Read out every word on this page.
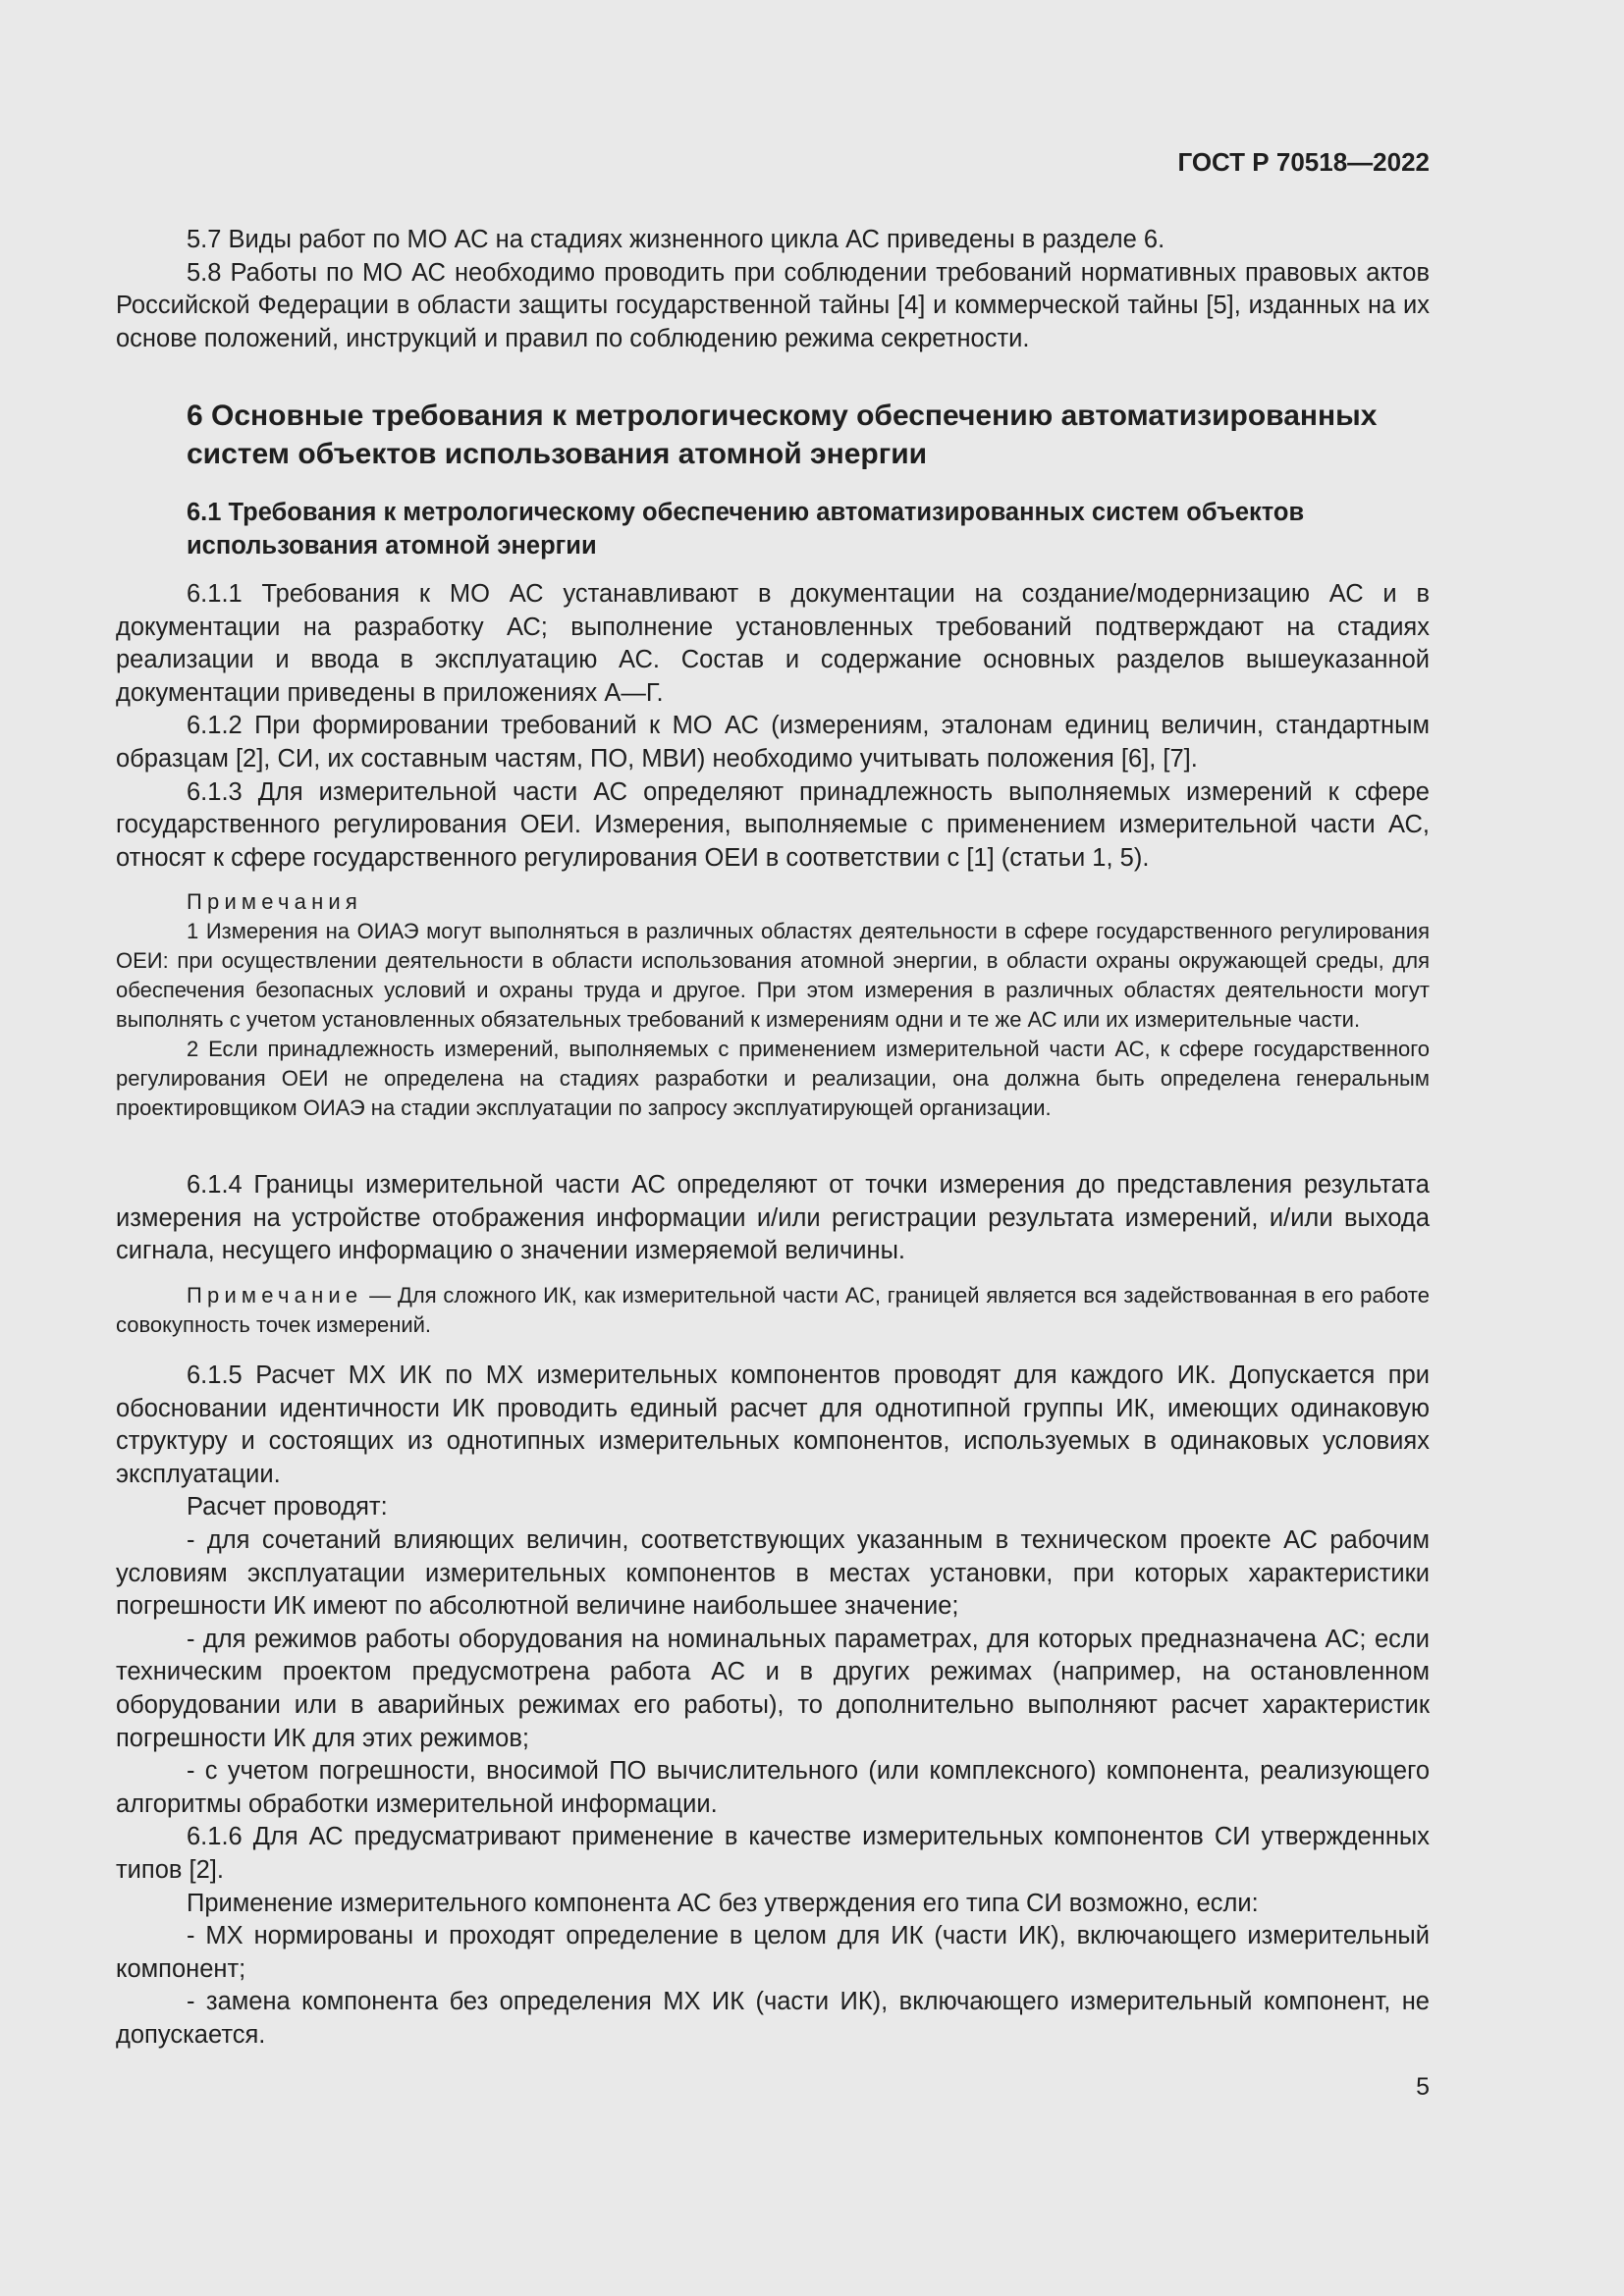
ГОСТ Р 70518—2022

5.7 Виды работ по МО АС на стадиях жизненного цикла АС приведены в разделе 6.

5.8 Работы по МО АС необходимо проводить при соблюдении требований нормативных правовых актов Российской Федерации в области защиты государственной тайны [4] и коммерческой тайны [5], изданных на их основе положений, инструкций и правил по соблюдению режима секретности.

6 Основные требования к метрологическому обеспечению автоматизированных систем объектов использования атомной энергии
6.1 Требования к метрологическому обеспечению автоматизированных систем объектов использования атомной энергии

6.1.1 Требования к МО АС устанавливают в документации на создание/модернизацию АС и в документации на разработку АС; выполнение установленных требований подтверждают на стадиях реализации и ввода в эксплуатацию АС. Состав и содержание основных разделов вышеуказанной документации приведены в приложениях А—Г.

6.1.2 При формировании требований к МО АС (измерениям, эталонам единиц величин, стандартным образцам [2], СИ, их составным частям, ПО, МВИ) необходимо учитывать положения [6], [7].

6.1.3 Для измерительной части АС определяют принадлежность выполняемых измерений к сфере государственного регулирования ОЕИ. Измерения, выполняемые с применением измерительной части АС, относят к сфере государственного регулирования ОЕИ в соответствии с [1] (статьи 1, 5).

Примечания

1 Измерения на ОИАЭ могут выполняться в различных областях деятельности в сфере государственного регулирования ОЕИ: при осуществлении деятельности в области использования атомной энергии, в области охраны окружающей среды, для обеспечения безопасных условий и охраны труда и другое. При этом измерения в различных областях деятельности могут выполнять с учетом установленных обязательных требований к измерениям одни и те же АС или их измерительные части.

2 Если принадлежность измерений, выполняемых с применением измерительной части АС, к сфере государственного регулирования ОЕИ не определена на стадиях разработки и реализации, она должна быть определена генеральным проектировщиком ОИАЭ на стадии эксплуатации по запросу эксплуатирующей организации.

6.1.4 Границы измерительной части АС определяют от точки измерения до представления результата измерения на устройстве отображения информации и/или регистрации результата измерений, и/или выхода сигнала, несущего информацию о значении измеряемой величины.

Примечание — Для сложного ИК, как измерительной части АС, границей является вся задействованная в его работе совокупность точек измерений.

6.1.5 Расчет МХ ИК по МХ измерительных компонентов проводят для каждого ИК. Допускается при обосновании идентичности ИК проводить единый расчет для однотипной группы ИК, имеющих одинаковую структуру и состоящих из однотипных измерительных компонентов, используемых в одинаковых условиях эксплуатации.

Расчет проводят:

- для сочетаний влияющих величин, соответствующих указанным в техническом проекте АС рабочим условиям эксплуатации измерительных компонентов в местах установки, при которых характеристики погрешности ИК имеют по абсолютной величине наибольшее значение;

- для режимов работы оборудования на номинальных параметрах, для которых предназначена АС; если техническим проектом предусмотрена работа АС и в других режимах (например, на остановленном оборудовании или в аварийных режимах его работы), то дополнительно выполняют расчет характеристик погрешности ИК для этих режимов;

- с учетом погрешности, вносимой ПО вычислительного (или комплексного) компонента, реализующего алгоритмы обработки измерительной информации.

6.1.6 Для АС предусматривают применение в качестве измерительных компонентов СИ утвержденных типов [2].

Применение измерительного компонента АС без утверждения его типа СИ возможно, если:

- МХ нормированы и проходят определение в целом для ИК (части ИК), включающего измерительный компонент;

- замена компонента без определения МХ ИК (части ИК), включающего измерительный компонент, не допускается.

5
